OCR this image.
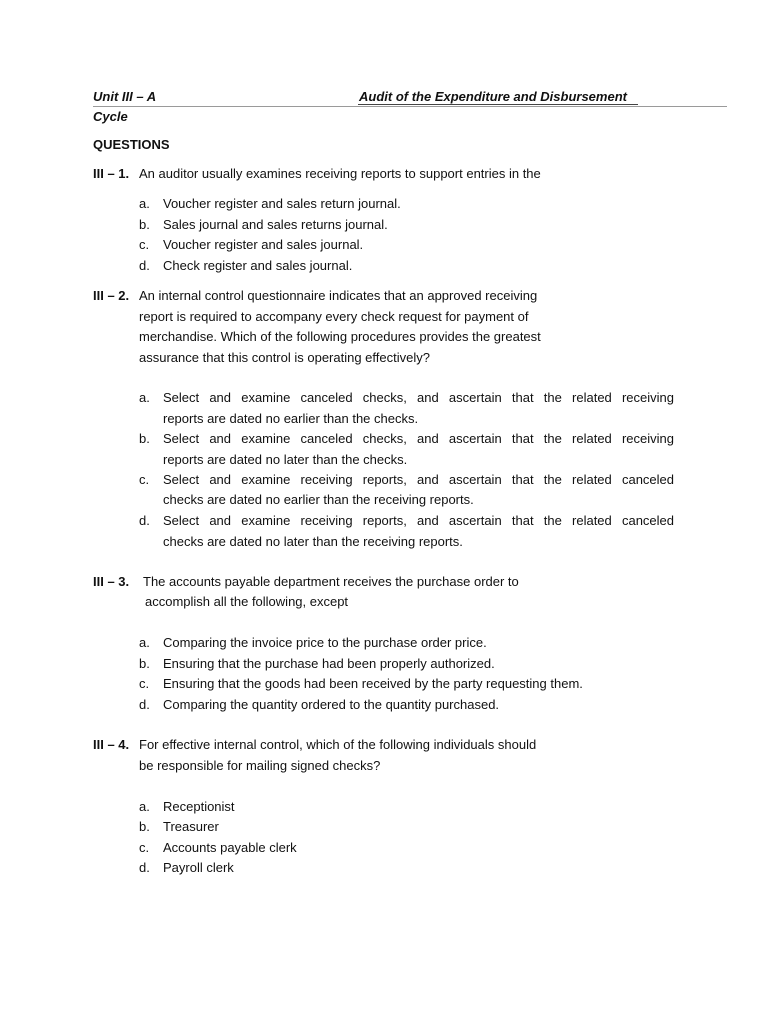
Unit III – A	Audit of the Expenditure and Disbursement
Cycle
QUESTIONS
III – 1. An auditor usually examines receiving reports to support entries in the
a. Voucher register and sales return journal.
b. Sales journal and sales returns journal.
c. Voucher register and sales journal.
d. Check register and sales journal.
III – 2. An internal control questionnaire indicates that an approved receiving
report is required to accompany every check request for payment of
merchandise. Which of the following procedures provides the greatest
assurance that this control is operating effectively?
a. Select and examine canceled checks, and ascertain that the related receiving
reports are dated no earlier than the checks.
b. Select and examine canceled checks, and ascertain that the related receiving
reports are dated no later than the checks.
c. Select and examine receiving reports, and ascertain that the related canceled
checks are dated no earlier than the receiving reports.
d. Select and examine receiving reports, and ascertain that the related canceled
checks are dated no later than the receiving reports.
III – 3. The accounts payable department receives the purchase order to
accomplish all the following, except
a. Comparing the invoice price to the purchase order price.
b. Ensuring that the purchase had been properly authorized.
c. Ensuring that the goods had been received by the party requesting them.
d. Comparing the quantity ordered to the quantity purchased.
III – 4. For effective internal control, which of the following individuals should
be responsible for mailing signed checks?
a. Receptionist
b. Treasurer
c. Accounts payable clerk
d. Payroll clerk
